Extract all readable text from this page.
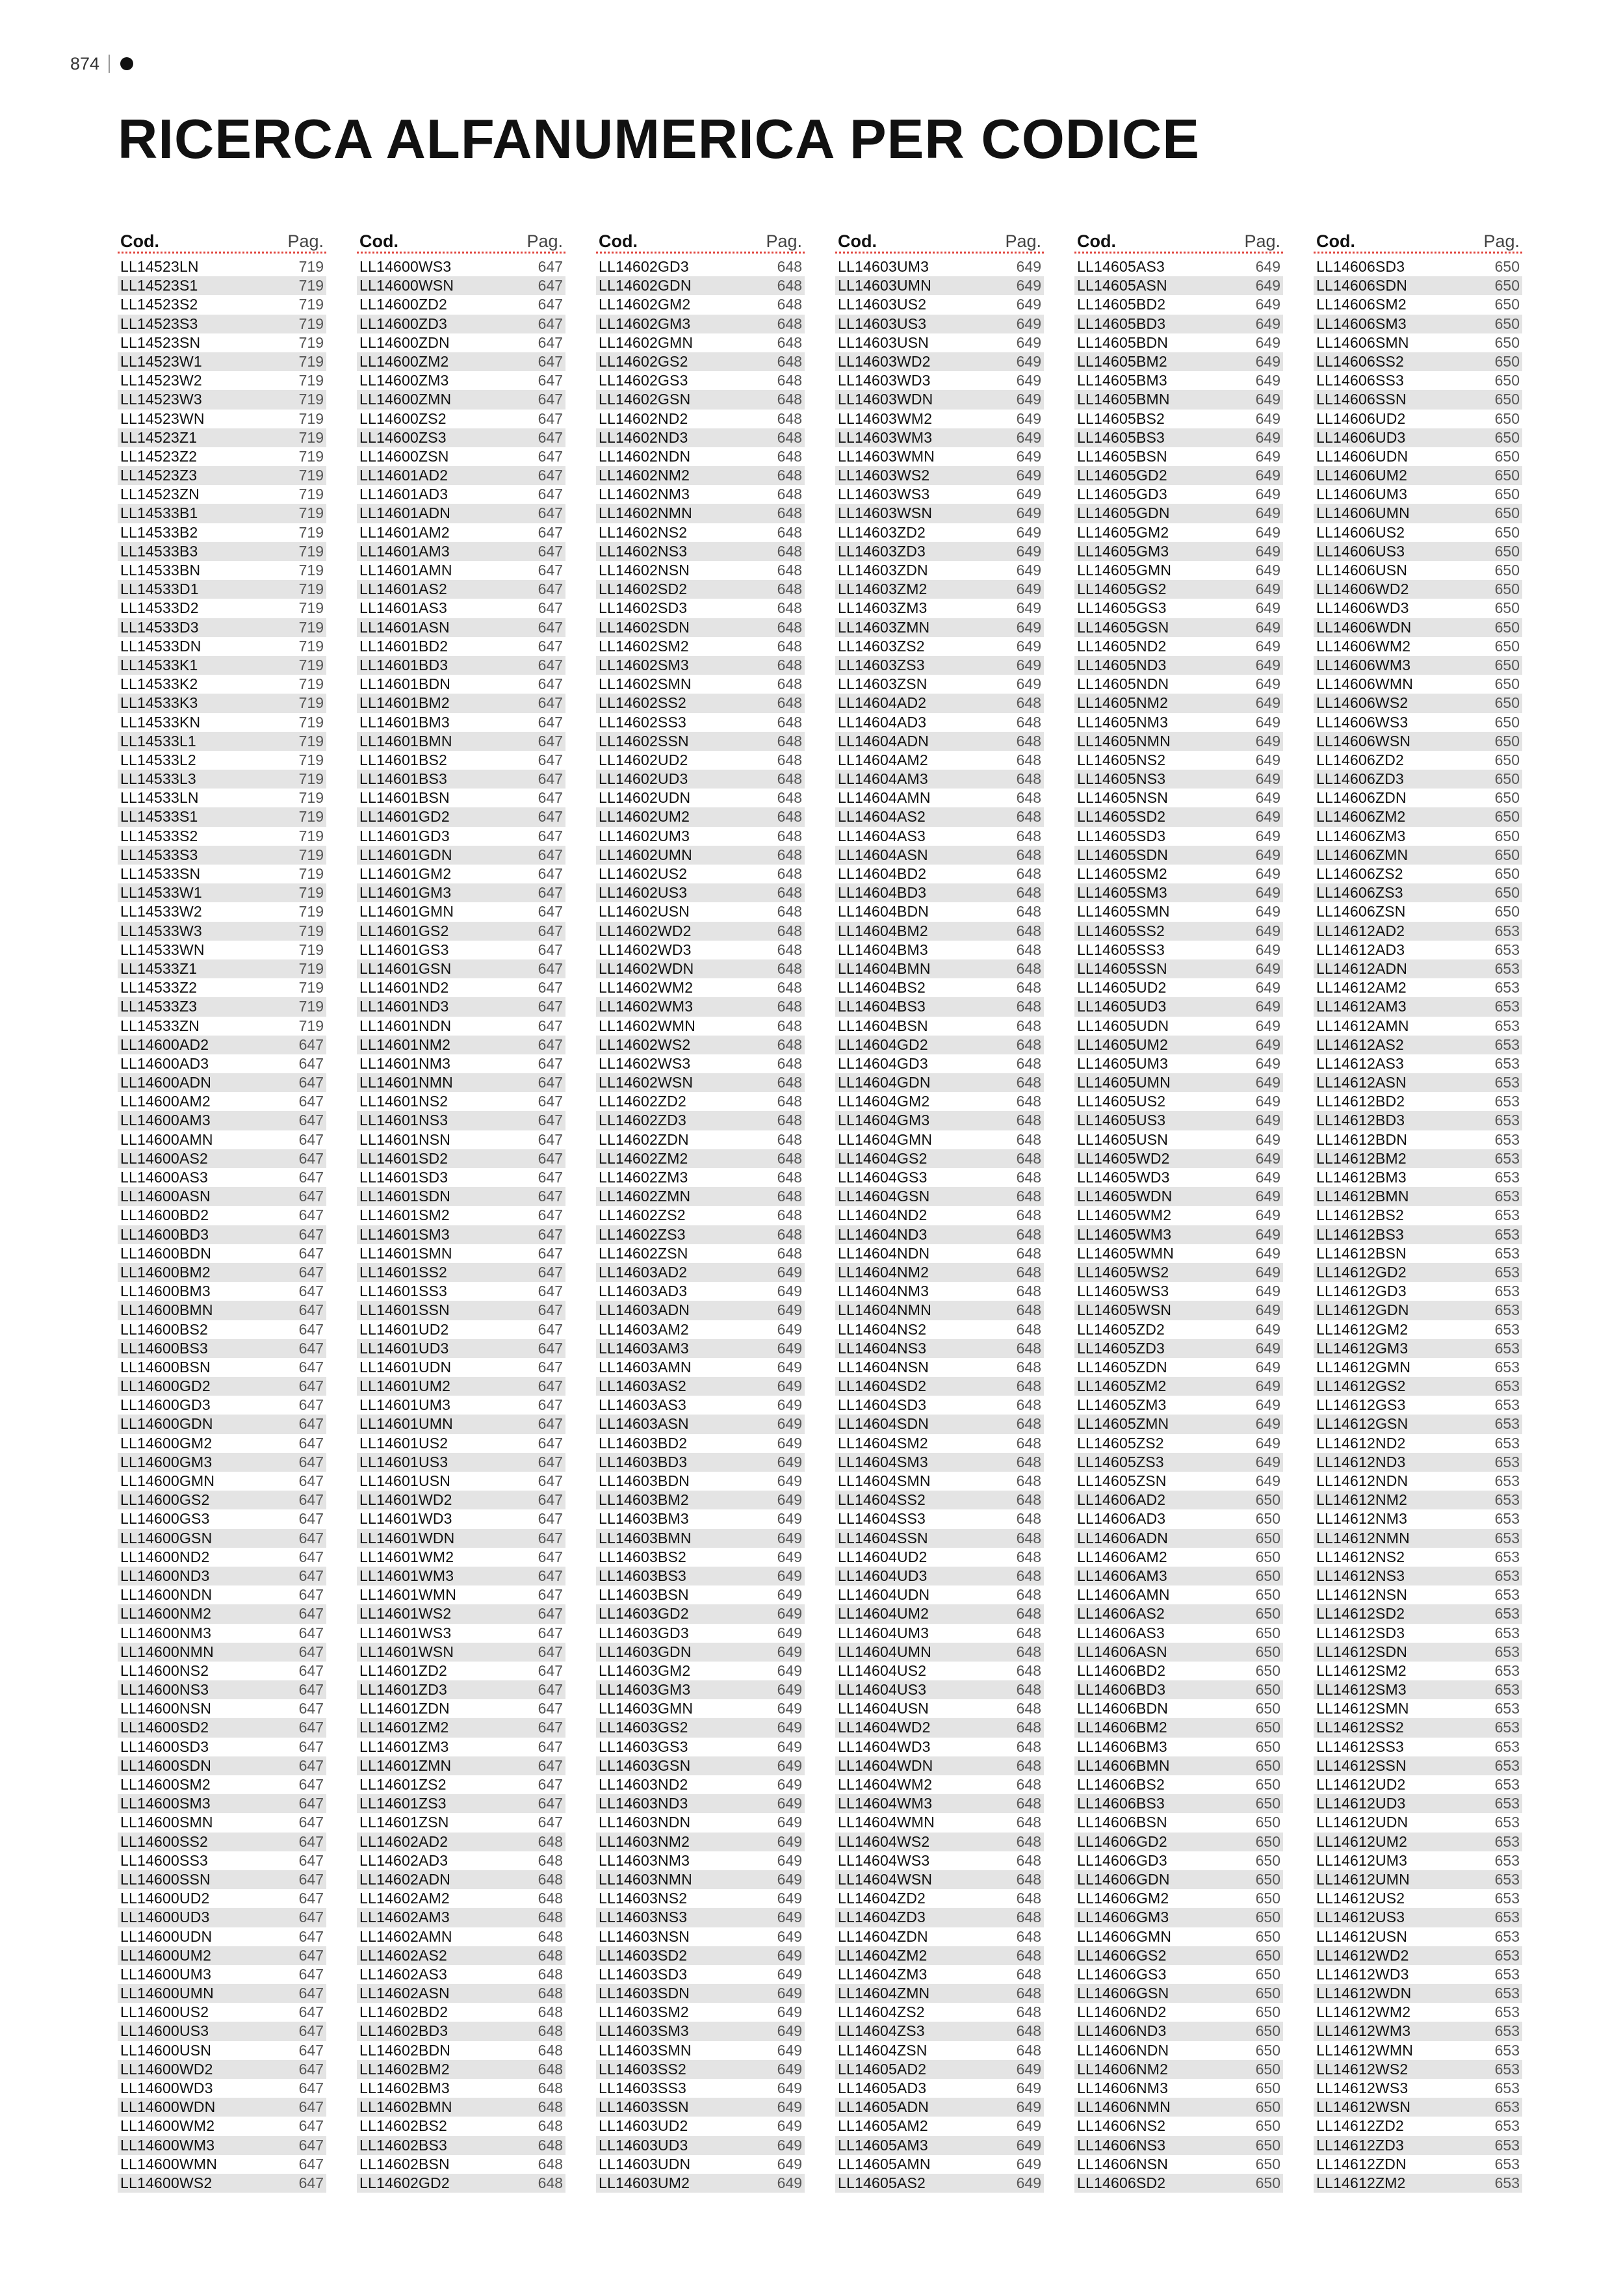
874
RICERCA ALFANUMERICA PER CODICE
Cod.	Pag.
LL14523LN	719
LL14523S1	719
LL14523S2	719
LL14523S3	719
LL14523SN	719
LL14523W1	719
LL14523W2	719
LL14523W3	719
LL14523WN	719
LL14523Z1	719
LL14523Z2	719
LL14523Z3	719
LL14523ZN	719
LL14533B1	719
LL14533B2	719
LL14533B3	719
LL14533BN	719
LL14533D1	719
LL14533D2	719
LL14533D3	719
LL14533DN	719
LL14533K1	719
LL14533K2	719
LL14533K3	719
LL14533KN	719
LL14533L1	719
LL14533L2	719
LL14533L3	719
LL14533LN	719
LL14533S1	719
LL14533S2	719
LL14533S3	719
LL14533SN	719
LL14533W1	719
LL14533W2	719
LL14533W3	719
LL14533WN	719
LL14533Z1	719
LL14533Z2	719
LL14533Z3	719
LL14533ZN	719
LL14600AD2	647
LL14600AD3	647
LL14600ADN	647
LL14600AM2	647
LL14600AM3	647
LL14600AMN	647
LL14600AS2	647
LL14600AS3	647
LL14600ASN	647
LL14600BD2	647
LL14600BD3	647
LL14600BDN	647
LL14600BM2	647
LL14600BM3	647
LL14600BMN	647
LL14600BS2	647
LL14600BS3	647
LL14600BSN	647
LL14600GD2	647
LL14600GD3	647
LL14600GDN	647
LL14600GM2	647
LL14600GM3	647
LL14600GMN	647
LL14600GS2	647
LL14600GS3	647
LL14600GSN	647
LL14600ND2	647
LL14600ND3	647
LL14600NDN	647
LL14600NM2	647
LL14600NM3	647
LL14600NMN	647
LL14600NS2	647
LL14600NS3	647
LL14600NSN	647
LL14600SD2	647
LL14600SD3	647
LL14600SDN	647
LL14600SM2	647
LL14600SM3	647
LL14600SMN	647
LL14600SS2	647
LL14600SS3	647
LL14600SSN	647
LL14600UD2	647
LL14600UD3	647
LL14600UDN	647
LL14600UM2	647
LL14600UM3	647
LL14600UMN	647
LL14600US2	647
LL14600US3	647
LL14600USN	647
LL14600WD2	647
LL14600WD3	647
LL14600WDN	647
LL14600WM2	647
LL14600WM3	647
LL14600WMN	647
LL14600WS2	647
Cod.	Pag.
LL14600WS3	647
LL14600WSN	647
LL14600ZD2	647
LL14600ZD3	647
LL14600ZDN	647
LL14600ZM2	647
LL14600ZM3	647
LL14600ZMN	647
LL14600ZS2	647
LL14600ZS3	647
LL14600ZSN	647
LL14601AD2	647
LL14601AD3	647
LL14601ADN	647
LL14601AM2	647
LL14601AM3	647
LL14601AMN	647
LL14601AS2	647
LL14601AS3	647
LL14601ASN	647
LL14601BD2	647
LL14601BD3	647
LL14601BDN	647
LL14601BM2	647
LL14601BM3	647
LL14601BMN	647
LL14601BS2	647
LL14601BS3	647
LL14601BSN	647
LL14601GD2	647
LL14601GD3	647
LL14601GDN	647
LL14601GM2	647
LL14601GM3	647
LL14601GMN	647
LL14601GS2	647
LL14601GS3	647
LL14601GSN	647
LL14601ND2	647
LL14601ND3	647
LL14601NDN	647
LL14601NM2	647
LL14601NM3	647
LL14601NMN	647
LL14601NS2	647
LL14601NS3	647
LL14601NSN	647
LL14601SD2	647
LL14601SD3	647
LL14601SDN	647
LL14601SM2	647
LL14601SM3	647
LL14601SMN	647
LL14601SS2	647
LL14601SS3	647
LL14601SSN	647
LL14601UD2	647
LL14601UD3	647
LL14601UDN	647
LL14601UM2	647
LL14601UM3	647
LL14601UMN	647
LL14601US2	647
LL14601US3	647
LL14601USN	647
LL14601WD2	647
LL14601WD3	647
LL14601WDN	647
LL14601WM2	647
LL14601WM3	647
LL14601WMN	647
LL14601WS2	647
LL14601WS3	647
LL14601WSN	647
LL14601ZD2	647
LL14601ZD3	647
LL14601ZDN	647
LL14601ZM2	647
LL14601ZM3	647
LL14601ZMN	647
LL14601ZS2	647
LL14601ZS3	647
LL14601ZSN	647
LL14602AD2	648
LL14602AD3	648
LL14602ADN	648
LL14602AM2	648
LL14602AM3	648
LL14602AMN	648
LL14602AS2	648
LL14602AS3	648
LL14602ASN	648
LL14602BD2	648
LL14602BD3	648
LL14602BDN	648
LL14602BM2	648
LL14602BM3	648
LL14602BMN	648
LL14602BS2	648
LL14602BS3	648
LL14602BSN	648
LL14602GD2	648
Cod.	Pag.
LL14602GD3	648
LL14602GDN	648
LL14602GM2	648
LL14602GM3	648
LL14602GMN	648
LL14602GS2	648
LL14602GS3	648
LL14602GSN	648
LL14602ND2	648
LL14602ND3	648
LL14602NDN	648
LL14602NM2	648
LL14602NM3	648
LL14602NMN	648
LL14602NS2	648
LL14602NS3	648
LL14602NSN	648
LL14602SD2	648
LL14602SD3	648
LL14602SDN	648
LL14602SM2	648
LL14602SM3	648
LL14602SMN	648
LL14602SS2	648
LL14602SS3	648
LL14602SSN	648
LL14602UD2	648
LL14602UD3	648
LL14602UDN	648
LL14602UM2	648
LL14602UM3	648
LL14602UMN	648
LL14602US2	648
LL14602US3	648
LL14602USN	648
LL14602WD2	648
LL14602WD3	648
LL14602WDN	648
LL14602WM2	648
LL14602WM3	648
LL14602WMN	648
LL14602WS2	648
LL14602WS3	648
LL14602WSN	648
LL14602ZD2	648
LL14602ZD3	648
LL14602ZDN	648
LL14602ZM2	648
LL14602ZM3	648
LL14602ZMN	648
LL14602ZS2	648
LL14602ZS3	648
LL14602ZSN	648
LL14603AD2	649
LL14603AD3	649
LL14603ADN	649
LL14603AM2	649
LL14603AM3	649
LL14603AMN	649
LL14603AS2	649
LL14603AS3	649
LL14603ASN	649
LL14603BD2	649
LL14603BD3	649
LL14603BDN	649
LL14603BM2	649
LL14603BM3	649
LL14603BMN	649
LL14603BS2	649
LL14603BS3	649
LL14603BSN	649
LL14603GD2	649
LL14603GD3	649
LL14603GDN	649
LL14603GM2	649
LL14603GM3	649
LL14603GMN	649
LL14603GS2	649
LL14603GS3	649
LL14603GSN	649
LL14603ND2	649
LL14603ND3	649
LL14603NDN	649
LL14603NM2	649
LL14603NM3	649
LL14603NMN	649
LL14603NS2	649
LL14603NS3	649
LL14603NSN	649
LL14603SD2	649
LL14603SD3	649
LL14603SDN	649
LL14603SM2	649
LL14603SM3	649
LL14603SMN	649
LL14603SS2	649
LL14603SS3	649
LL14603SSN	649
LL14603UD2	649
LL14603UD3	649
LL14603UDN	649
LL14603UM2	649
Cod.	Pag.
LL14603UM3	649
LL14603UMN	649
LL14603US2	649
LL14603US3	649
LL14603USN	649
LL14603WD2	649
LL14603WD3	649
LL14603WDN	649
LL14603WM2	649
LL14603WM3	649
LL14603WMN	649
LL14603WS2	649
LL14603WS3	649
LL14603WSN	649
LL14603ZD2	649
LL14603ZD3	649
LL14603ZDN	649
LL14603ZM2	649
LL14603ZM3	649
LL14603ZMN	649
LL14603ZS2	649
LL14603ZS3	649
LL14603ZSN	649
LL14604AD2	648
LL14604AD3	648
LL14604ADN	648
LL14604AM2	648
LL14604AM3	648
LL14604AMN	648
LL14604AS2	648
LL14604AS3	648
LL14604ASN	648
LL14604BD2	648
LL14604BD3	648
LL14604BDN	648
LL14604BM2	648
LL14604BM3	648
LL14604BMN	648
LL14604BS2	648
LL14604BS3	648
LL14604BSN	648
LL14604GD2	648
LL14604GD3	648
LL14604GDN	648
LL14604GM2	648
LL14604GM3	648
LL14604GMN	648
LL14604GS2	648
LL14604GS3	648
LL14604GSN	648
LL14604ND2	648
LL14604ND3	648
LL14604NDN	648
LL14604NM2	648
LL14604NM3	648
LL14604NMN	648
LL14604NS2	648
LL14604NS3	648
LL14604NSN	648
LL14604SD2	648
LL14604SD3	648
LL14604SDN	648
LL14604SM2	648
LL14604SM3	648
LL14604SMN	648
LL14604SS2	648
LL14604SS3	648
LL14604SSN	648
LL14604UD2	648
LL14604UD3	648
LL14604UDN	648
LL14604UM2	648
LL14604UM3	648
LL14604UMN	648
LL14604US2	648
LL14604US3	648
LL14604USN	648
LL14604WD2	648
LL14604WD3	648
LL14604WDN	648
LL14604WM2	648
LL14604WM3	648
LL14604WMN	648
LL14604WS2	648
LL14604WS3	648
LL14604WSN	648
LL14604ZD2	648
LL14604ZD3	648
LL14604ZDN	648
LL14604ZM2	648
LL14604ZM3	648
LL14604ZMN	648
LL14604ZS2	648
LL14604ZS3	648
LL14604ZSN	648
LL14605AD2	649
LL14605AD3	649
LL14605ADN	649
LL14605AM2	649
LL14605AM3	649
LL14605AMN	649
LL14605AS2	649
Cod.	Pag.
LL14605AS3	649
LL14605ASN	649
LL14605BD2	649
LL14605BD3	649
LL14605BDN	649
LL14605BM2	649
LL14605BM3	649
LL14605BMN	649
LL14605BS2	649
LL14605BS3	649
LL14605BSN	649
LL14605GD2	649
LL14605GD3	649
LL14605GDN	649
LL14605GM2	649
LL14605GM3	649
LL14605GMN	649
LL14605GS2	649
LL14605GS3	649
LL14605GSN	649
LL14605ND2	649
LL14605ND3	649
LL14605NDN	649
LL14605NM2	649
LL14605NM3	649
LL14605NMN	649
LL14605NS2	649
LL14605NS3	649
LL14605NSN	649
LL14605SD2	649
LL14605SD3	649
LL14605SDN	649
LL14605SM2	649
LL14605SM3	649
LL14605SMN	649
LL14605SS2	649
LL14605SS3	649
LL14605SSN	649
LL14605UD2	649
LL14605UD3	649
LL14605UDN	649
LL14605UM2	649
LL14605UM3	649
LL14605UMN	649
LL14605US2	649
LL14605US3	649
LL14605USN	649
LL14605WD2	649
LL14605WD3	649
LL14605WDN	649
LL14605WM2	649
LL14605WM3	649
LL14605WMN	649
LL14605WS2	649
LL14605WS3	649
LL14605WSN	649
LL14605ZD2	649
LL14605ZD3	649
LL14605ZDN	649
LL14605ZM2	649
LL14605ZM3	649
LL14605ZMN	649
LL14605ZS2	649
LL14605ZS3	649
LL14605ZSN	649
LL14606AD2	650
LL14606AD3	650
LL14606ADN	650
LL14606AM2	650
LL14606AM3	650
LL14606AMN	650
LL14606AS2	650
LL14606AS3	650
LL14606ASN	650
LL14606BD2	650
LL14606BD3	650
LL14606BDN	650
LL14606BM2	650
LL14606BM3	650
LL14606BMN	650
LL14606BS2	650
LL14606BS3	650
LL14606BSN	650
LL14606GD2	650
LL14606GD3	650
LL14606GDN	650
LL14606GM2	650
LL14606GM3	650
LL14606GMN	650
LL14606GS2	650
LL14606GS3	650
LL14606GSN	650
LL14606ND2	650
LL14606ND3	650
LL14606NDN	650
LL14606NM2	650
LL14606NM3	650
LL14606NMN	650
LL14606NS2	650
LL14606NS3	650
LL14606NSN	650
LL14606SD2	650
Cod.	Pag.
LL14606SD3	650
LL14606SDN	650
LL14606SM2	650
LL14606SM3	650
LL14606SMN	650
LL14606SS2	650
LL14606SS3	650
LL14606SSN	650
LL14606UD2	650
LL14606UD3	650
LL14606UDN	650
LL14606UM2	650
LL14606UM3	650
LL14606UMN	650
LL14606US2	650
LL14606US3	650
LL14606USN	650
LL14606WD2	650
LL14606WD3	650
LL14606WDN	650
LL14606WM2	650
LL14606WM3	650
LL14606WMN	650
LL14606WS2	650
LL14606WS3	650
LL14606WSN	650
LL14606ZD2	650
LL14606ZD3	650
LL14606ZDN	650
LL14606ZM2	650
LL14606ZM3	650
LL14606ZMN	650
LL14606ZS2	650
LL14606ZS3	650
LL14606ZSN	650
LL14612AD2	653
LL14612AD3	653
LL14612ADN	653
LL14612AM2	653
LL14612AM3	653
LL14612AMN	653
LL14612AS2	653
LL14612AS3	653
LL14612ASN	653
LL14612BD2	653
LL14612BD3	653
LL14612BDN	653
LL14612BM2	653
LL14612BM3	653
LL14612BMN	653
LL14612BS2	653
LL14612BS3	653
LL14612BSN	653
LL14612GD2	653
LL14612GD3	653
LL14612GDN	653
LL14612GM2	653
LL14612GM3	653
LL14612GMN	653
LL14612GS2	653
LL14612GS3	653
LL14612GSN	653
LL14612ND2	653
LL14612ND3	653
LL14612NDN	653
LL14612NM2	653
LL14612NM3	653
LL14612NMN	653
LL14612NS2	653
LL14612NS3	653
LL14612NSN	653
LL14612SD2	653
LL14612SD3	653
LL14612SDN	653
LL14612SM2	653
LL14612SM3	653
LL14612SMN	653
LL14612SS2	653
LL14612SS3	653
LL14612SSN	653
LL14612UD2	653
LL14612UD3	653
LL14612UDN	653
LL14612UM2	653
LL14612UM3	653
LL14612UMN	653
LL14612US2	653
LL14612US3	653
LL14612USN	653
LL14612WD2	653
LL14612WD3	653
LL14612WDN	653
LL14612WM2	653
LL14612WM3	653
LL14612WMN	653
LL14612WS2	653
LL14612WS3	653
LL14612WSN	653
LL14612ZD2	653
LL14612ZD3	653
LL14612ZDN	653
LL14612ZM2	653
